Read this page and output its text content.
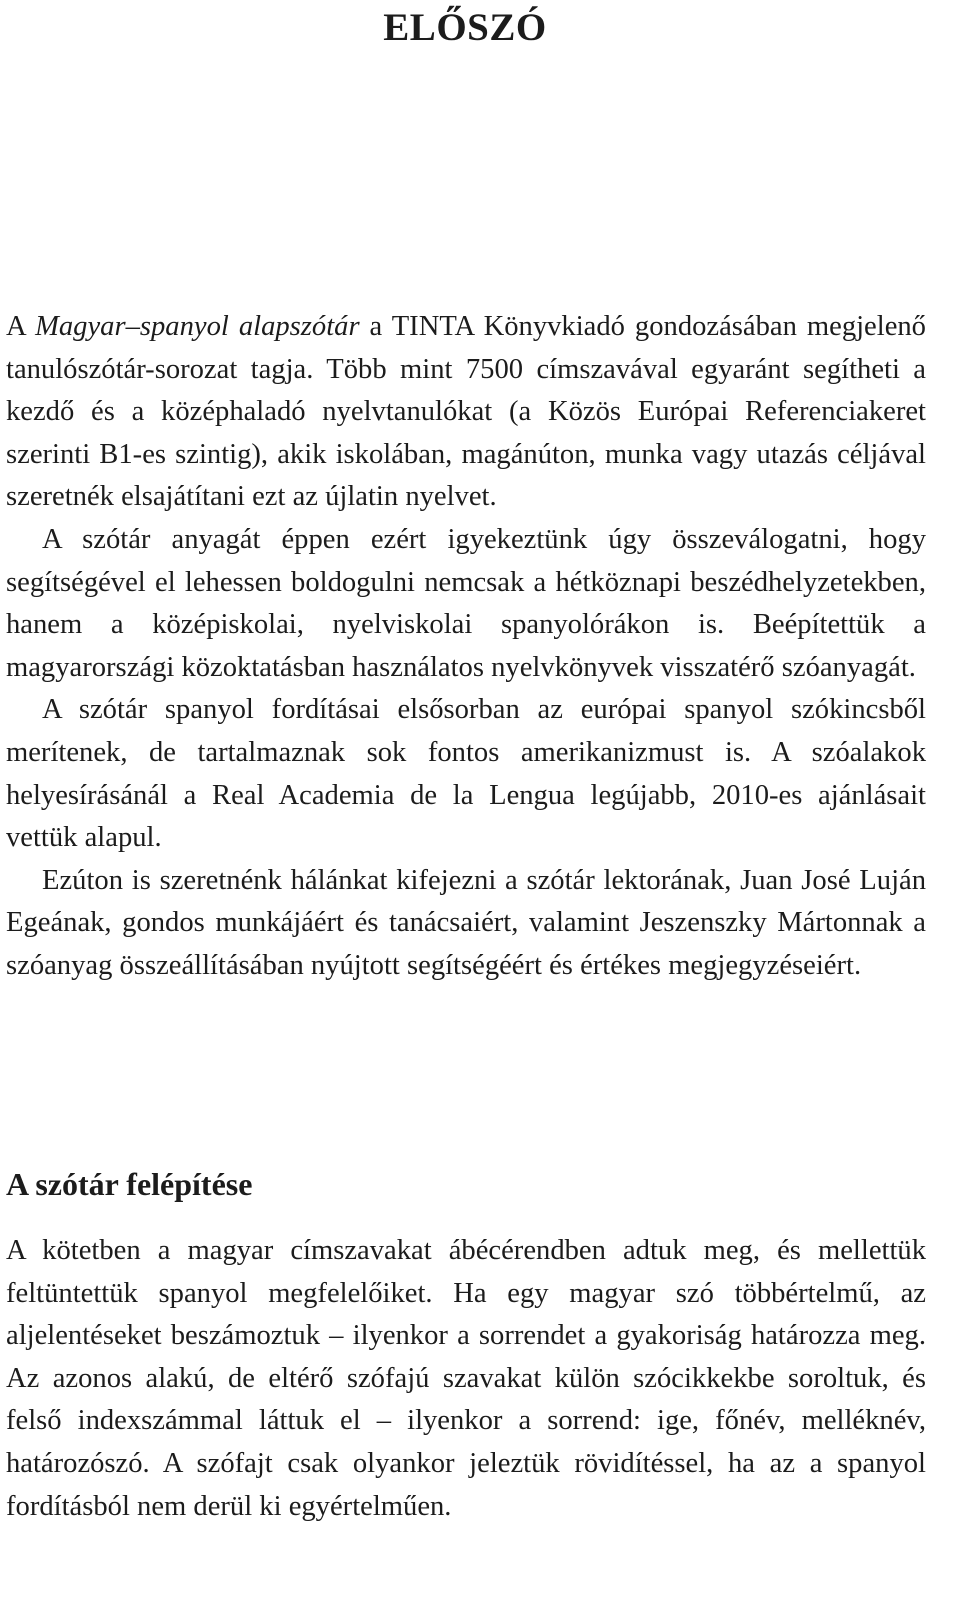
ELŐSZÓ

A Magyar–spanyol alapszótár a TINTA Könyvkiadó gondozásában megjelenő tanulószótár-sorozat tagja. Több mint 7500 címszavával egyaránt segítheti a kezdő és a középhaladó nyelvtanulókat (a Közös Európai Referenciakeret szerinti B1-es szintig), akik iskolában, magánúton, munka vagy utazás céljával szeretnék elsajátítani ezt az újlatin nyelvet.

A szótár anyagát éppen ezért igyekeztünk úgy összeválogatni, hogy segítségével el lehessen boldogulni nemcsak a hétköznapi beszédhelyzetekben, hanem a középiskolai, nyelviskolai spanyolórákon is. Beépítettük a magyarországi közoktatásban használatos nyelvkönyvek visszatérő szóanyagát.

A szótár spanyol fordításai elsősorban az európai spanyol szókincsből merítenek, de tartalmaznak sok fontos amerikanizmust is. A szóalakok helyesírásánál a Real Academia de la Lengua legújabb, 2010-es ajánlásait vettük alapul.

Ezúton is szeretnénk hálánkat kifejezni a szótár lektorának, Juan José Luján Egeának, gondos munkájáért és tanácsaiért, valamint Jeszenszky Mártonnak a szóanyag összeállításában nyújtott segítségéért és értékes megjegyzéseiért.

A szótár felépítése

A kötetben a magyar címszavakat ábécérendben adtuk meg, és mellettük feltüntettük spanyol megfelelőiket. Ha egy magyar szó többértelmű, az aljelentéseket beszámoztuk – ilyenkor a sorrendet a gyakoriság határozza meg. Az azonos alakú, de eltérő szófajú szavakat külön szócikkekbe soroltuk, és felső indexszámmal láttuk el – ilyenkor a sorrend: ige, főnév, melléknév, határozószó. A szófajt csak olyankor jeleztük rövidítéssel, ha az a spanyol fordításból nem derül ki egyértelműen.
